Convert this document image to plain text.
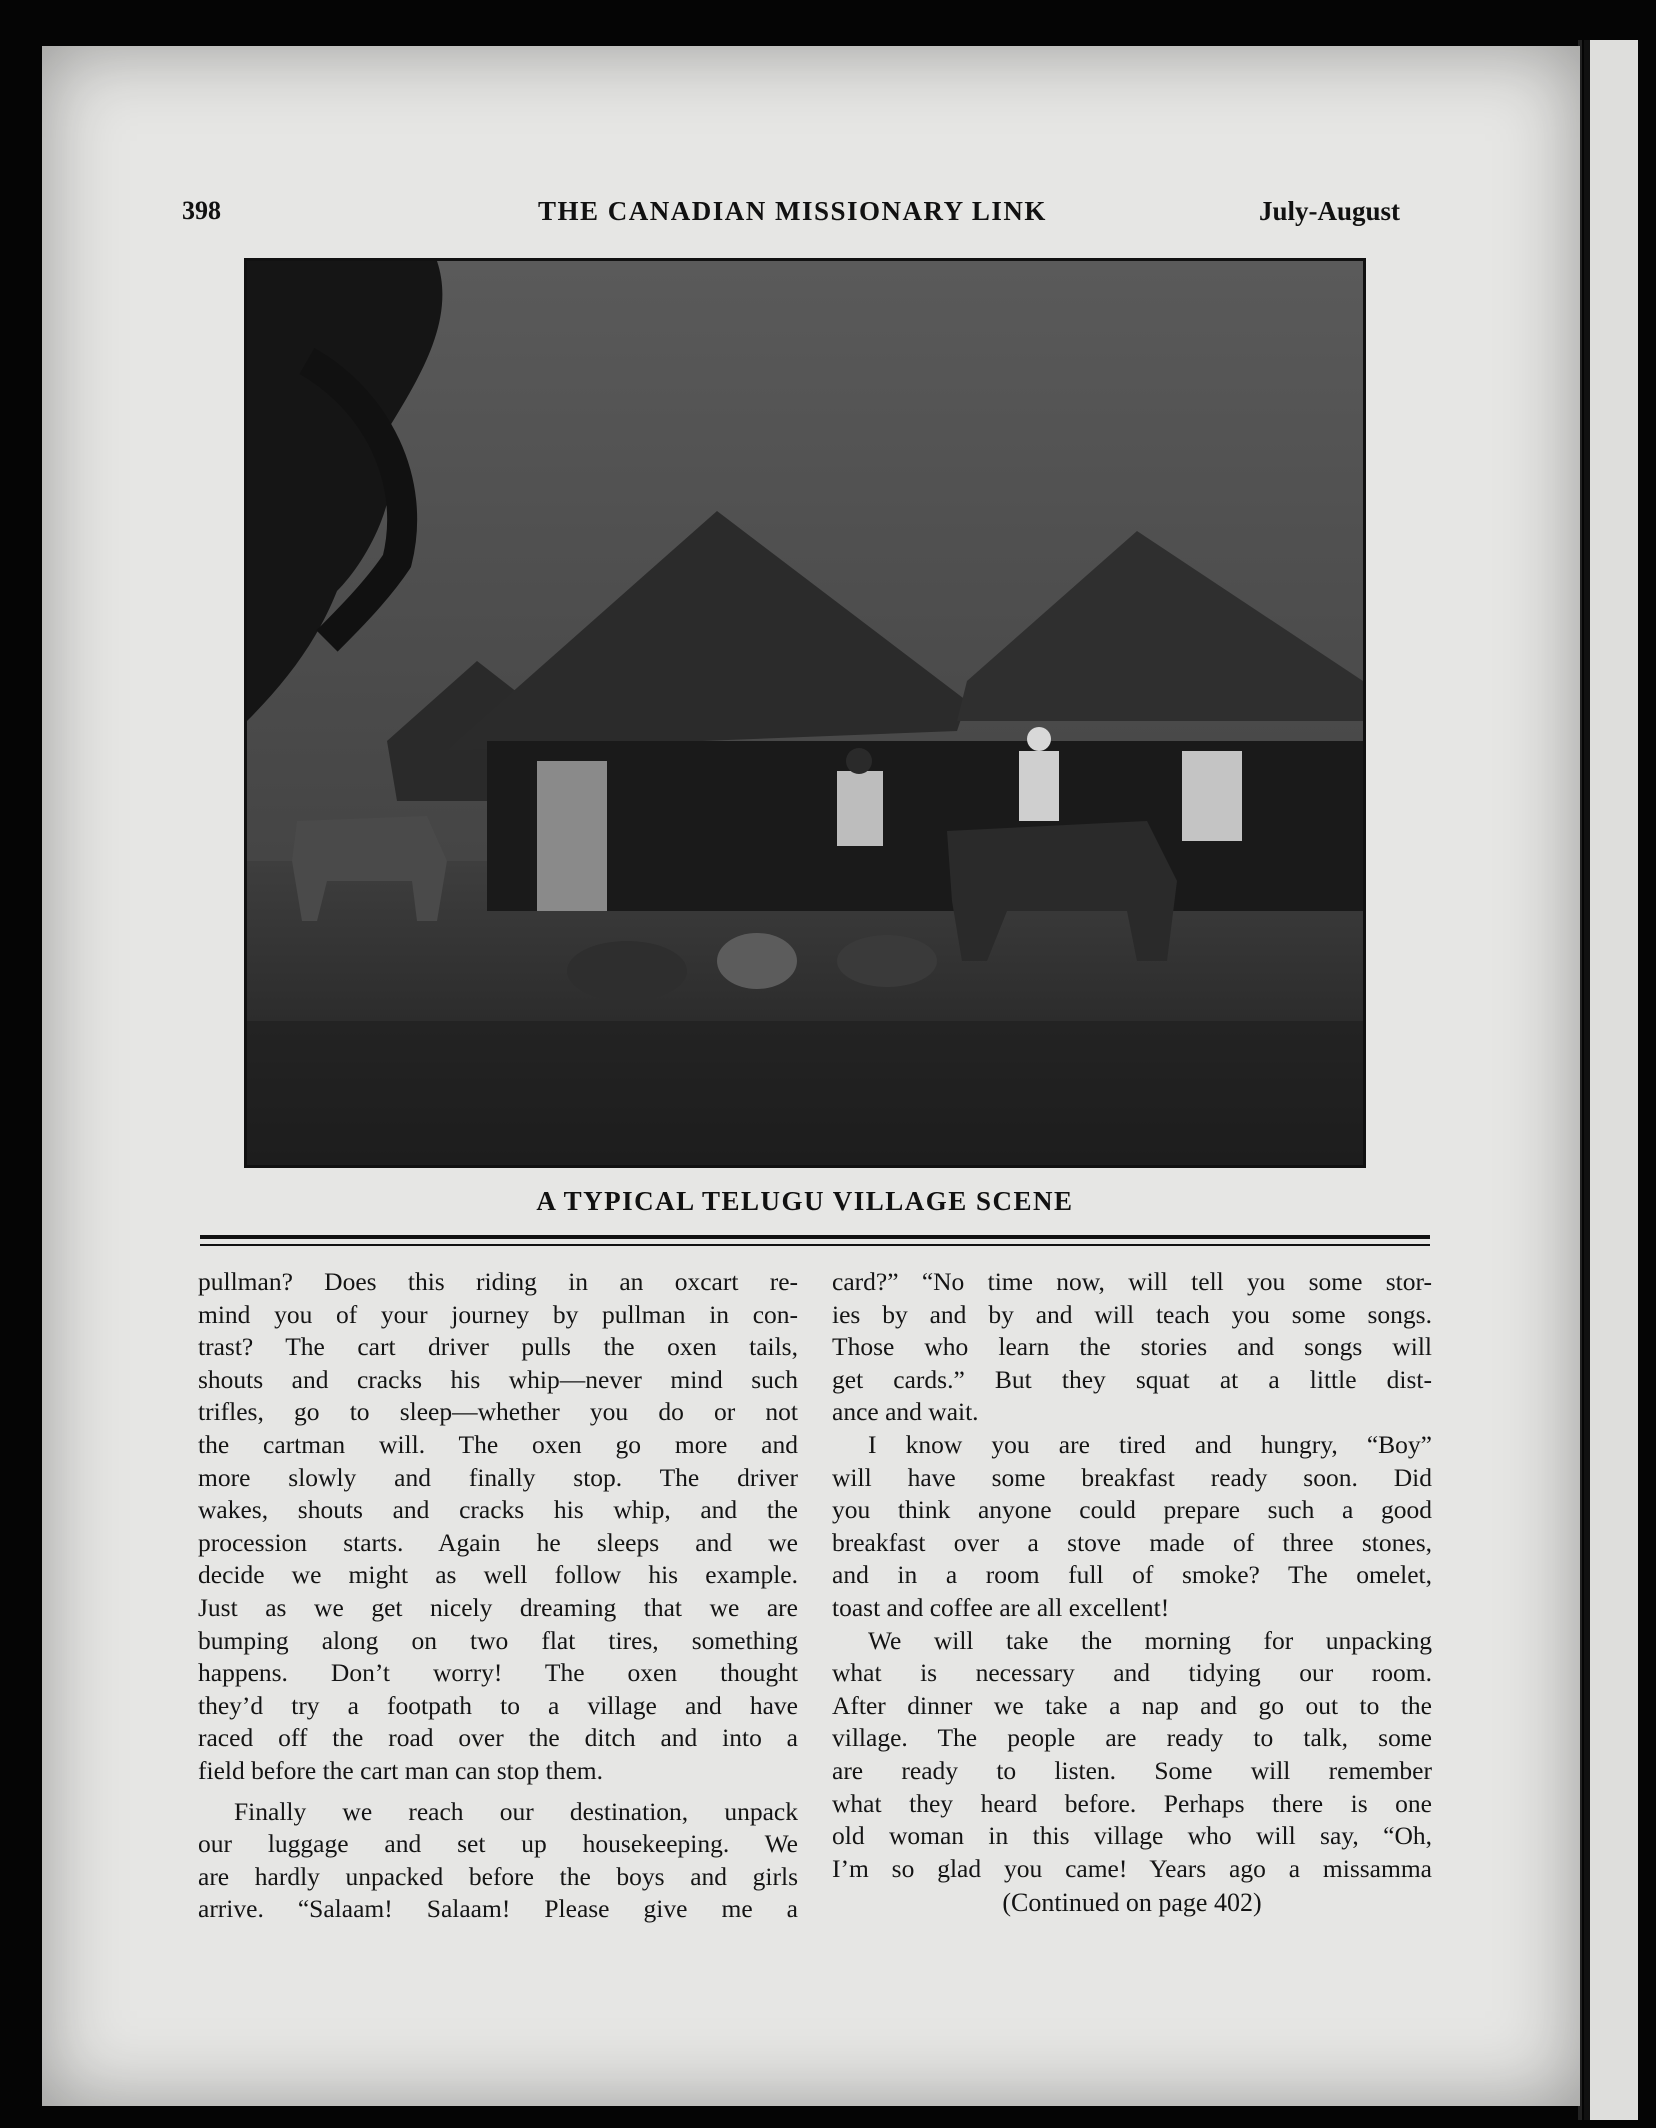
398	THE CANADIAN MISSIONARY LINK	July-August
A TYPICAL TELUGU VILLAGE SCENE

pullman? Does this riding in an oxcart re-
mind you of your journey by pullman in con-
trast? The cart driver pulls the oxen tails,
shouts and cracks his whip—never mind such
trifles, go to sleep—whether you do or not
the cartman will. The oxen go more and
more slowly and finally stop. The driver
wakes, shouts and cracks his whip, and the
procession starts. Again he sleeps and we
decide we might as well follow his example.
Just as we get nicely dreaming that we are
bumping along on two flat tires, something
happens. Don’t worry! The oxen thought
they’d try a footpath to a village and have
raced off the road over the ditch and into a
field before the cart man can stop them.

Finally we reach our destination, unpack
our luggage and set up housekeeping. We
are hardly unpacked before the boys and girls
arrive. “Salaam! Salaam! Please give me a

card?” “No time now, will tell you some stor-
ies by and by and will teach you some songs.
Those who learn the stories and songs will
get cards.” But they squat at a little dist-
ance and wait.

I know you are tired and hungry, “Boy”
will have some breakfast ready soon. Did
you think anyone could prepare such a good
breakfast over a stove made of three stones,
and in a room full of smoke? The omelet,
toast and coffee are all excellent!

We will take the morning for unpacking
what is necessary and tidying our room.
After dinner we take a nap and go out to the
village. The people are ready to talk, some
are ready to listen. Some will remember
what they heard before. Perhaps there is one
old woman in this village who will say, “Oh,
I’m so glad you came! Years ago a missamma

(Continued on page 402)
